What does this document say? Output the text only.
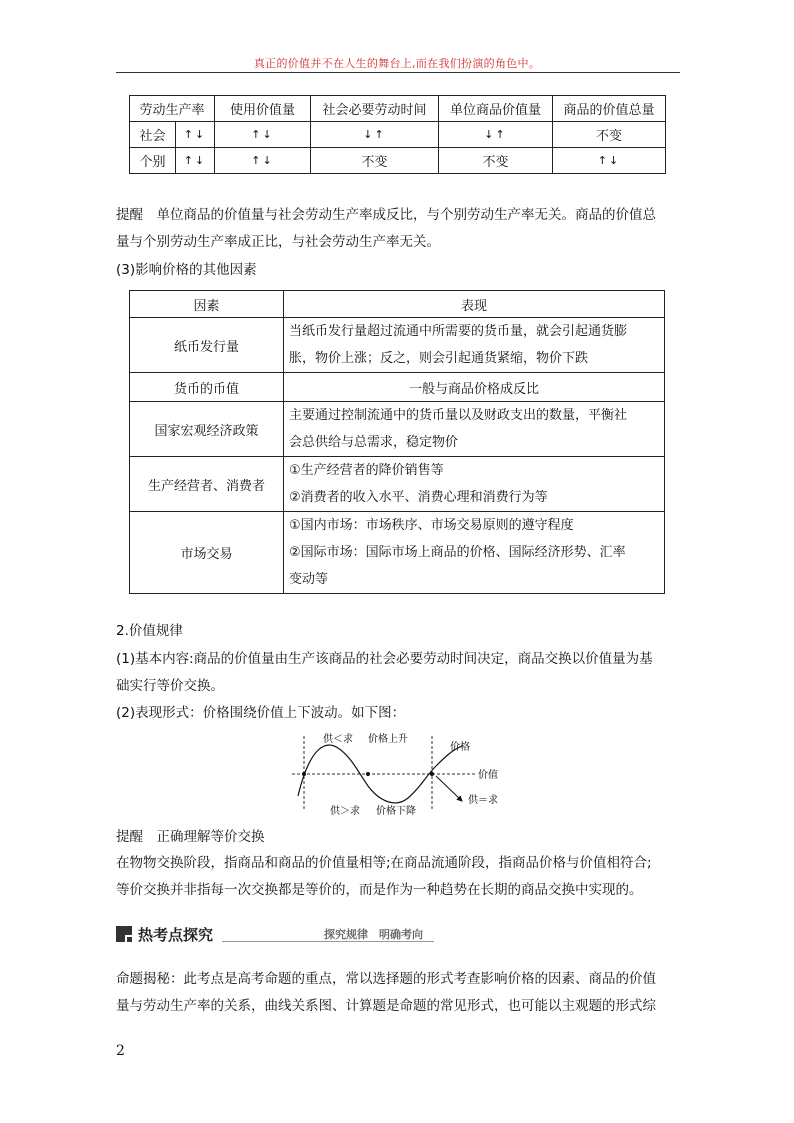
真正的价值并不在人生的舞台上,而在我们扮演的角色中。
劳动生产率		使用价值量	社会必要劳动时间	单位商品价值量	商品的价值总量
社会	↑↓	↑↓	↓↑	↓↑	不变
个别	↑↓	↑↓	不变	不变	↑↓
提醒　单位商品的价值量与社会劳动生产率成反比，与个别劳动生产率无关。商品的价值总
量与个别劳动生产率成正比，与社会劳动生产率无关。
(3)影响价格的其他因素
因素	表现
纸币发行量	当纸币发行量超过流通中所需要的货币量，就会引起通货膨
胀，物价上涨；反之，则会引起通货紧缩，物价下跌

货币的币值	一般与商品价格成反比
国家宏观经济政策	主要通过控制流通中的货币量以及财政支出的数量，平衡社
会总供给与总需求，稳定物价

生产经营者、消费者	①生产经营者的降价销售等
②消费者的收入水平、消费心理和消费行为等

市场交易	①国内市场：市场秩序、市场交易原则的遵守程度
②国际市场：国际市场上商品的价格、国际经济形势、汇率
变动等
2.价值规律
(1)基本内容:商品的价值量由生产该商品的社会必要劳动时间决定，商品交换以价值量为基
础实行等价交换。
(2)表现形式：价格围绕价值上下波动。如下图：
供＜求 价格上升
价格
价值
供＞求 价格下降
供＝求
提醒　正确理解等价交换
在物物交换阶段，指商品和商品的价值量相等;在商品流通阶段，指商品价格与价值相符合;
等价交换并非指每一次交换都是等价的，而是作为一种趋势在长期的商品交换中实现的。
热考点探究	探究规律　明确考向
命题揭秘：此考点是高考命题的重点，常以选择题的形式考查影响价格的因素、商品的价值
量与劳动生产率的关系，曲线关系图、计算题是命题的常见形式，也可能以主观题的形式综
2
